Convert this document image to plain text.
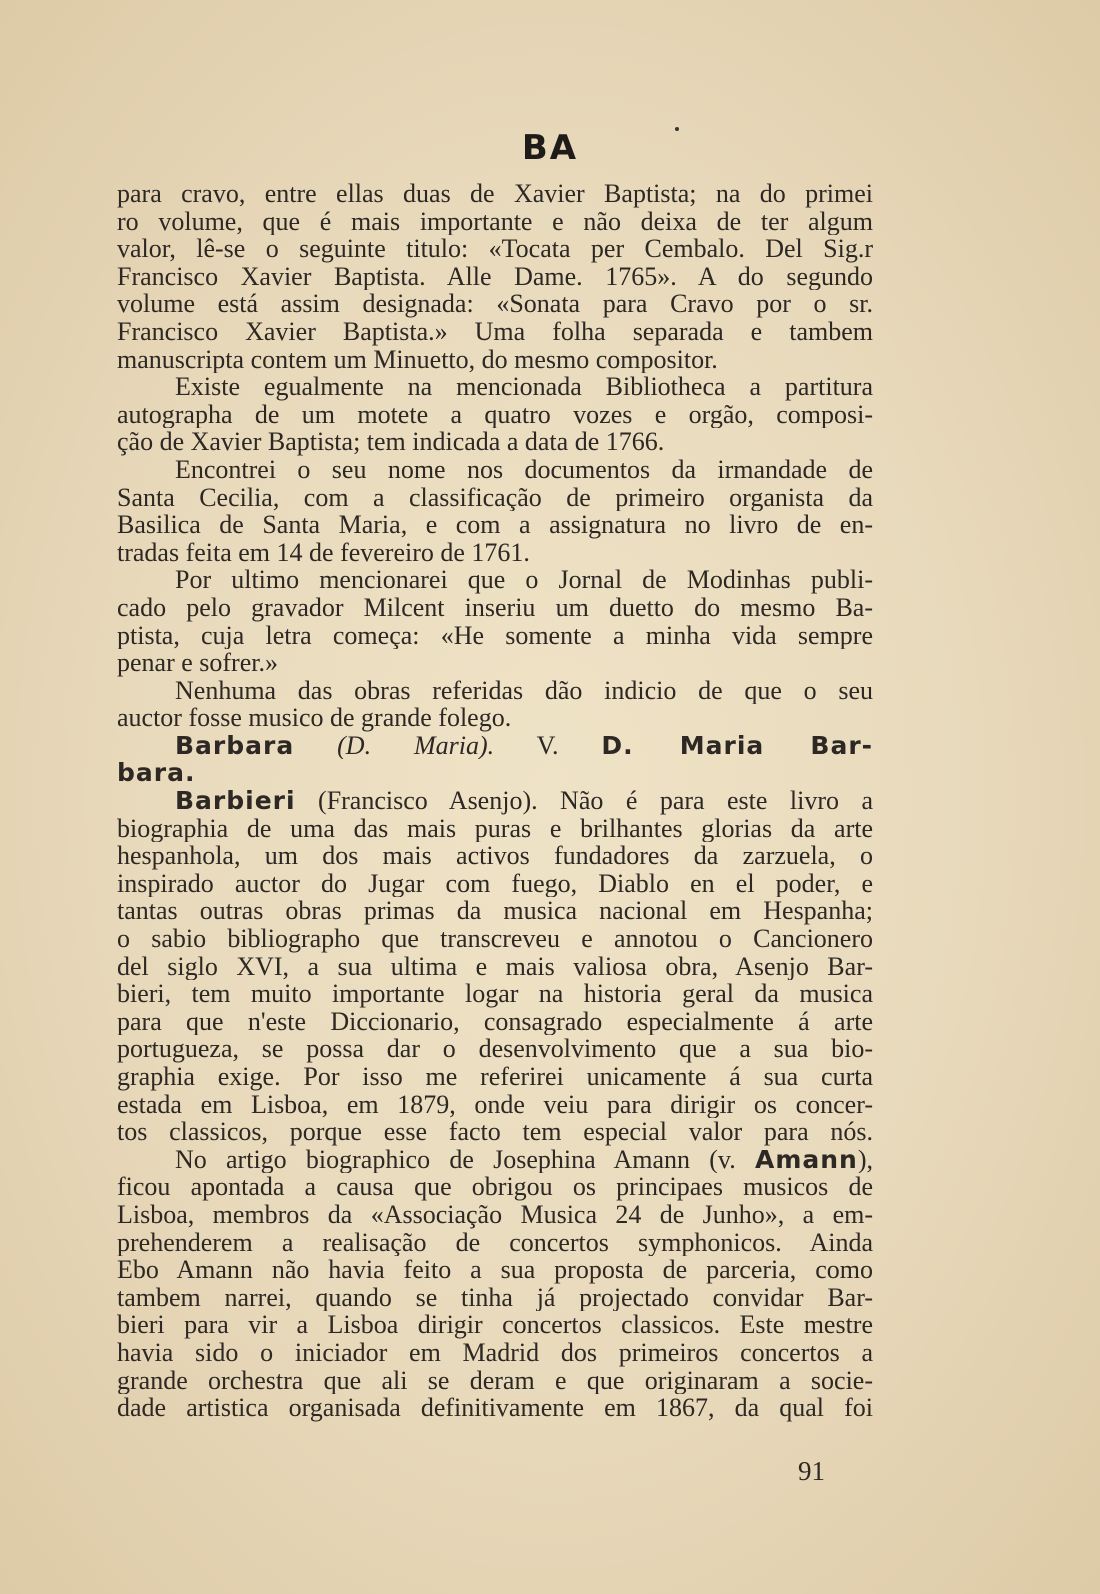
BA
para cravo, entre ellas duas de Xavier Baptista; na do primei
ro volume, que é mais importante e não deixa de ter algum
valor, lê-se o seguinte titulo: «Tocata per Cembalo. Del Sig.r
Francisco Xavier Baptista. Alle Dame. 1765». A do segundo
volume está assim designada: «Sonata para Cravo por o sr.
Francisco Xavier Baptista.» Uma folha separada e tambem
manuscripta contem um Minuetto, do mesmo compositor.
Existe egualmente na mencionada Bibliotheca a partitura
autographa de um motete a quatro vozes e orgão, composi-
ção de Xavier Baptista; tem indicada a data de 1766.
Encontrei o seu nome nos documentos da irmandade de
Santa Cecilia, com a classificação de primeiro organista da
Basilica de Santa Maria, e com a assignatura no livro de en-
tradas feita em 14 de fevereiro de 1761.
Por ultimo mencionarei que o Jornal de Modinhas publi-
cado pelo gravador Milcent inseriu um duetto do mesmo Ba-
ptista, cuja letra começa: «He somente a minha vida sempre
penar e sofrer.»
Nenhuma das obras referidas dão indicio de que o seu
auctor fosse musico de grande folego.
Barbara (D. Maria). V. D. Maria Bar-
bara.
Barbieri (Francisco Asenjo). Não é para este livro a
biographia de uma das mais puras e brilhantes glorias da arte
hespanhola, um dos mais activos fundadores da zarzuela, o
inspirado auctor do Jugar com fuego, Diablo en el poder, e
tantas outras obras primas da musica nacional em Hespanha;
o sabio bibliographo que transcreveu e annotou o Cancionero
del siglo XVI, a sua ultima e mais valiosa obra, Asenjo Bar-
bieri, tem muito importante logar na historia geral da musica
para que n'este Diccionario, consagrado especialmente á arte
portugueza, se possa dar o desenvolvimento que a sua bio-
graphia exige. Por isso me referirei unicamente á sua curta
estada em Lisboa, em 1879, onde veiu para dirigir os concer-
tos classicos, porque esse facto tem especial valor para nós.
No artigo biographico de Josephina Amann (v. Amann),
ficou apontada a causa que obrigou os principaes musicos de
Lisboa, membros da «Associação Musica 24 de Junho», a em-
prehenderem a realisação de concertos symphonicos. Ainda
Ebo Amann não havia feito a sua proposta de parceria, como
tambem narrei, quando se tinha já projectado convidar Bar-
bieri para vir a Lisboa dirigir concertos classicos. Este mestre
havia sido o iniciador em Madrid dos primeiros concertos a
grande orchestra que ali se deram e que originaram a socie-
dade artistica organisada definitivamente em 1867, da qual foi
91
